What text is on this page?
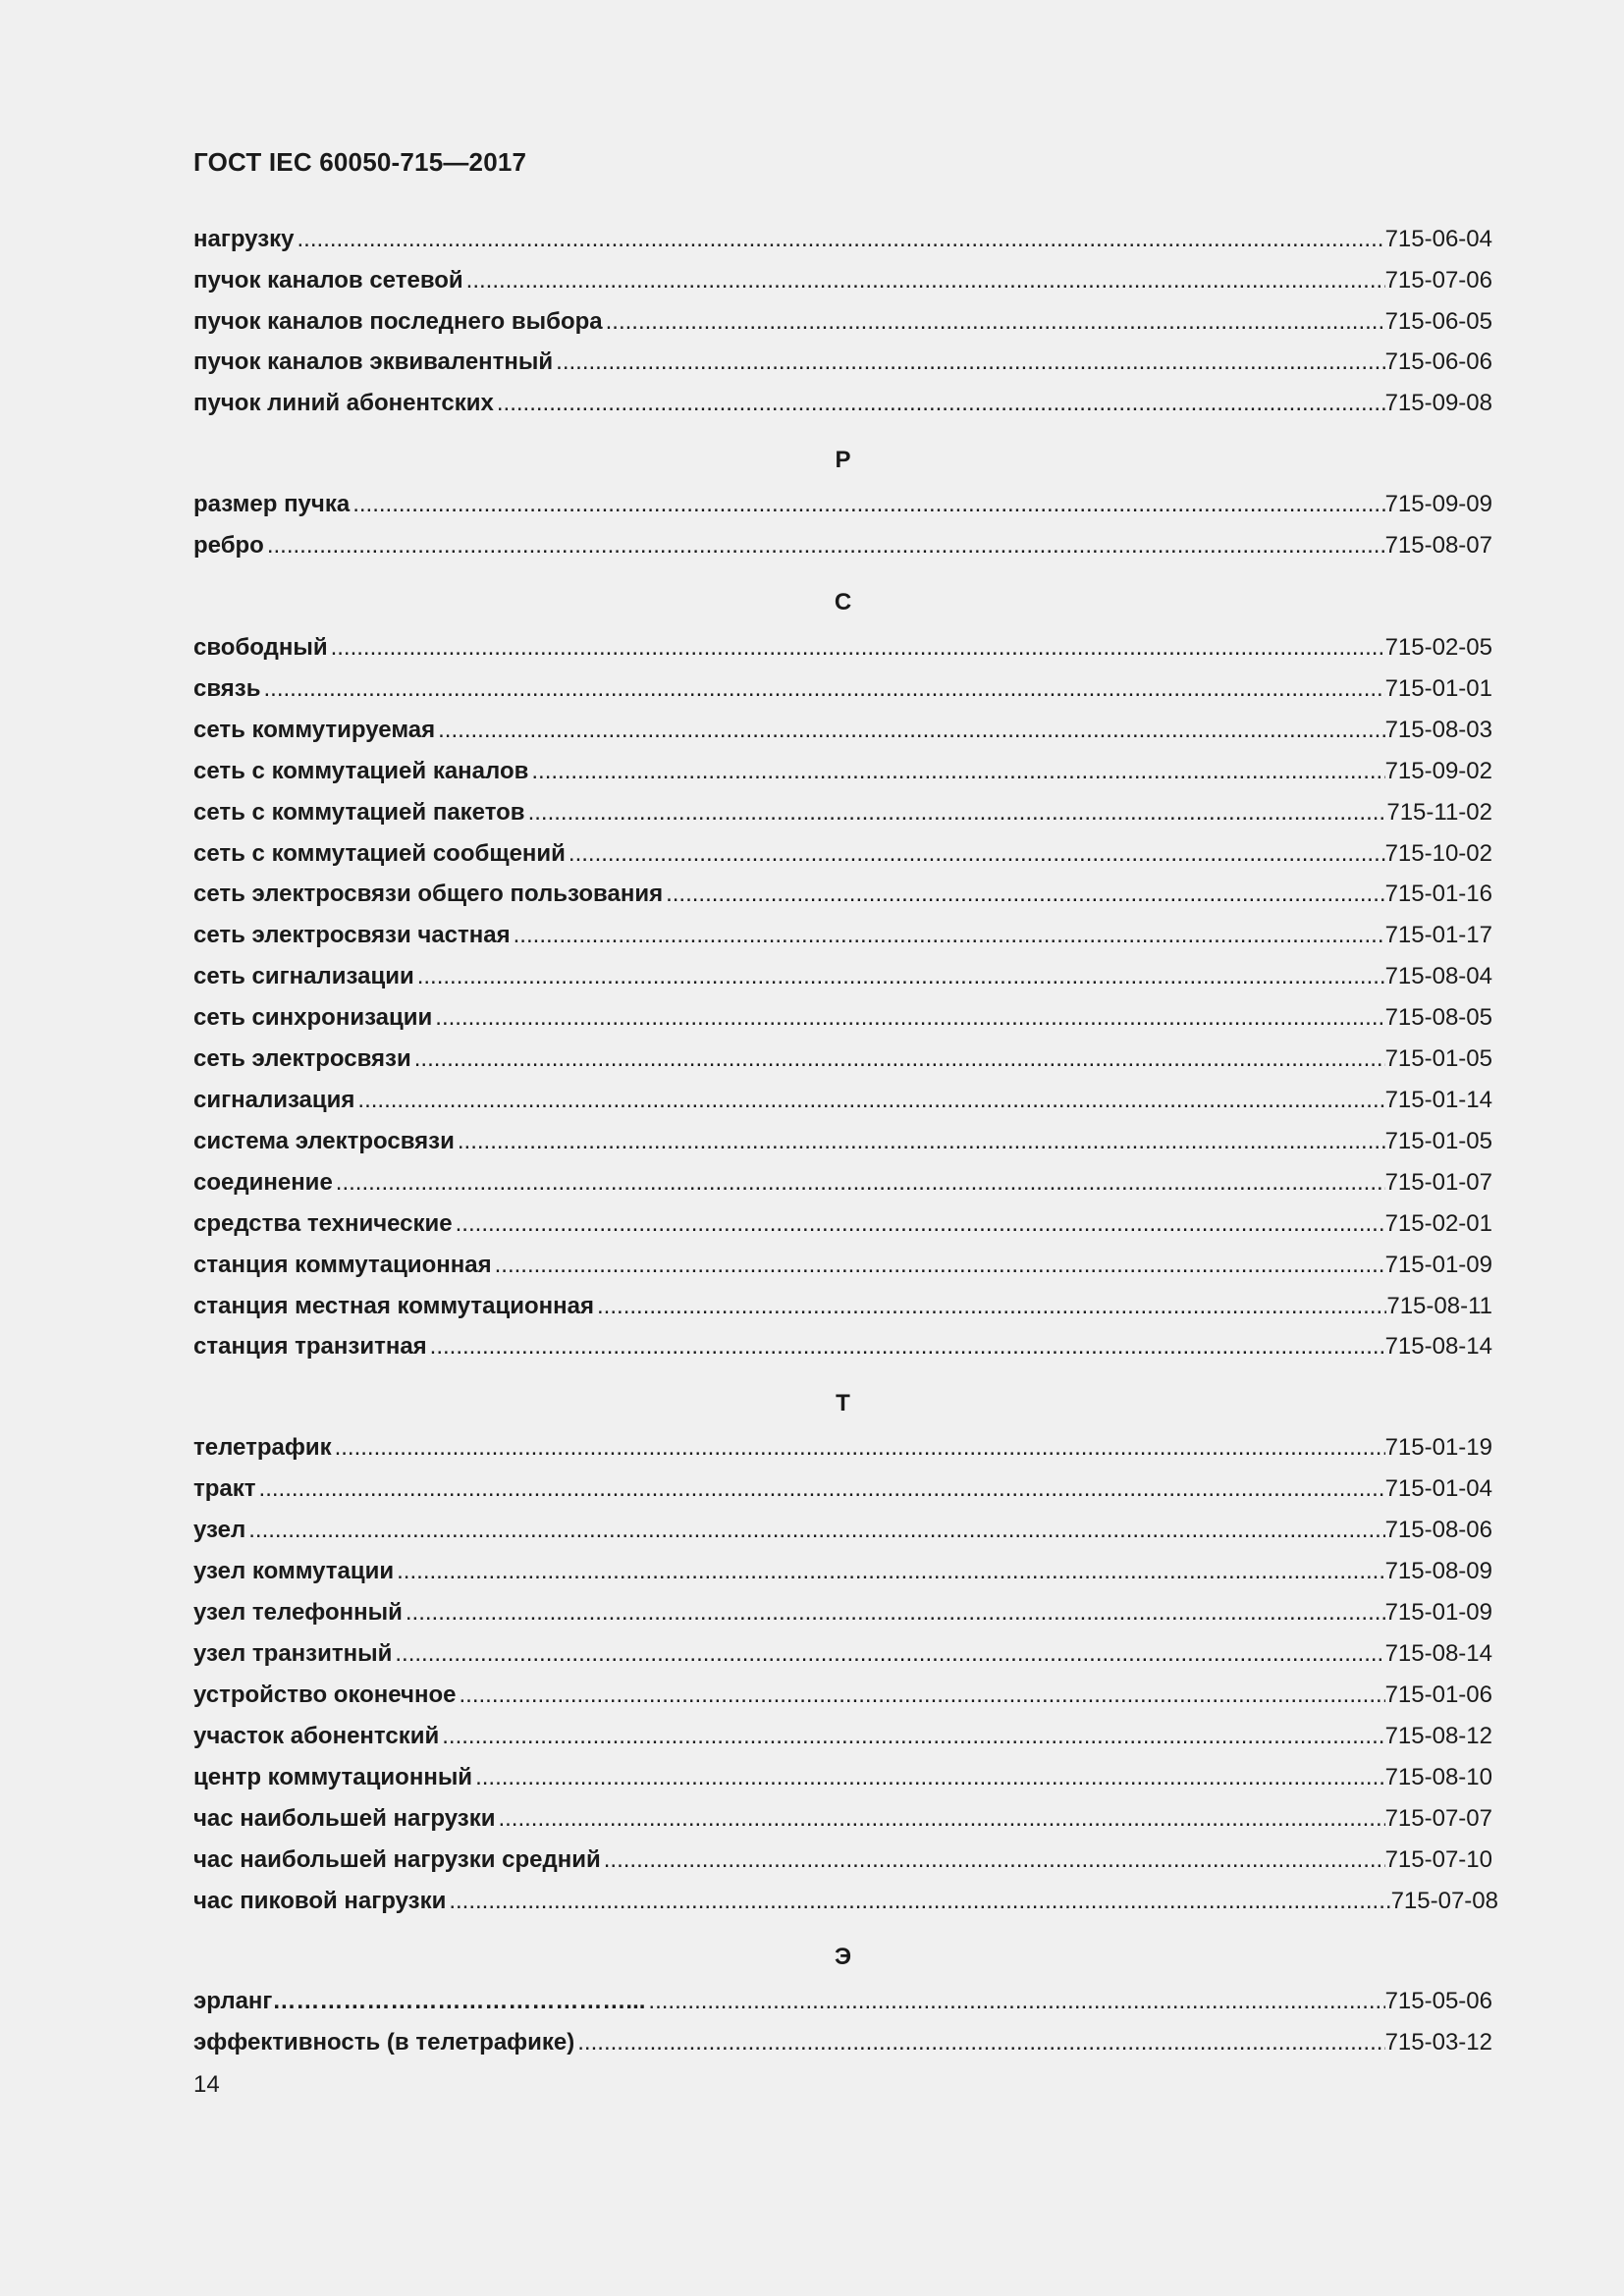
ГОСТ IEC 60050-715—2017
нагрузку .....	715-06-04
пучок каналов сетевой .....	715-07-06
пучок каналов последнего выбора .....	715-06-05
пучок каналов эквивалентный .....	715-06-06
пучок линий абонентских .....	715-09-08
Р
размер пучка .....	715-09-09
ребро .....	715-08-07
С
свободный .....	715-02-05
связь .....	715-01-01
сеть коммутируемая .....	715-08-03
сеть с коммутацией каналов .....	715-09-02
сеть с коммутацией пакетов .....	715-11-02
сеть с коммутацией сообщений .....	715-10-02
сеть электросвязи общего пользования .....	715-01-16
сеть электросвязи частная .....	715-01-17
сеть сигнализации .....	715-08-04
сеть синхронизации .....	715-08-05
сеть электросвязи .....	715-01-05
сигнализация .....	715-01-14
система электросвязи .....	715-01-05
соединение .....	715-01-07
средства технические .....	715-02-01
станция коммутационная .....	715-01-09
станция местная коммутационная .....	715-08-11
станция транзитная .....	715-08-14
Т
телетрафик .....	715-01-19
тракт .....	715-01-04
узел .....	715-08-06
узел коммутации .....	715-08-09
узел телефонный .....	715-01-09
узел транзитный .....	715-08-14
устройство оконечное .....	715-01-06
участок абонентский .....	715-08-12
центр коммутационный .....	715-08-10
час наибольшей нагрузки .....	715-07-07
час наибольшей нагрузки средний .....	715-07-10
час пиковой нагрузки .....	715-07-08
Э
эрланг………………………………………... .....	715-05-06
эффективность (в телетрафике) .....	715-03-12
14
